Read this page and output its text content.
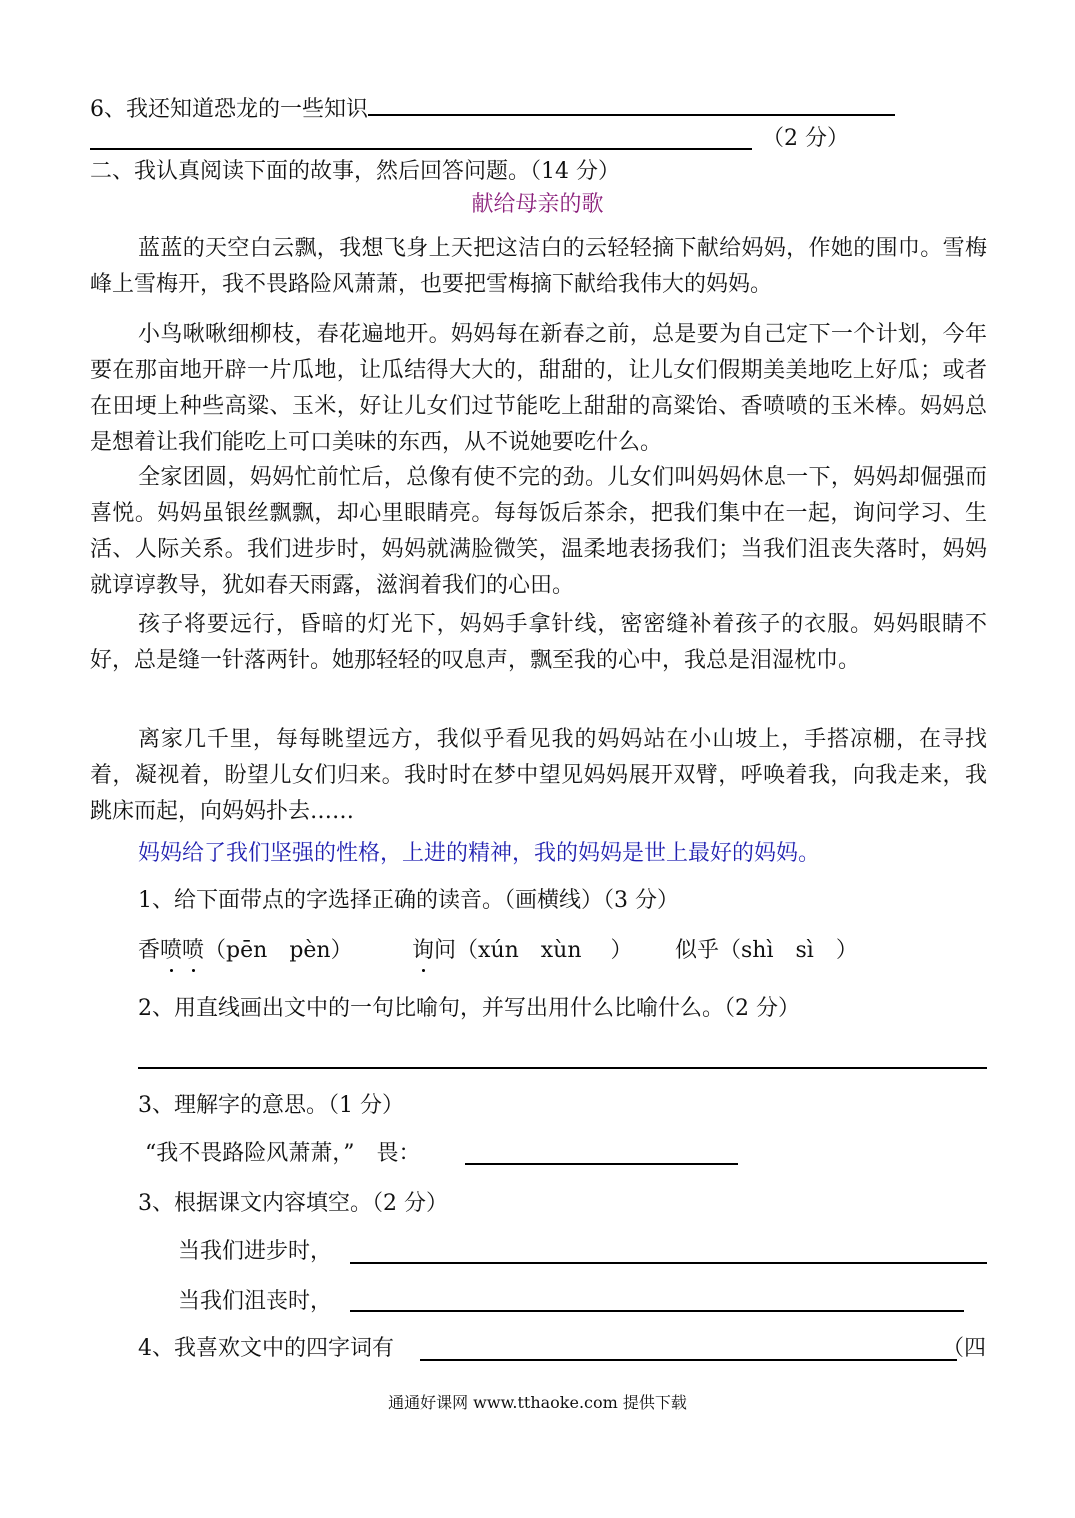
6、我还知道恐龙的一些知识
（2 分）
二、我认真阅读下面的故事，然后回答问题。（14 分）
献给母亲的歌
蓝蓝的天空白云飘，我想飞身上天把这洁白的云轻轻摘下献给妈妈，作她的围巾。雪梅峰上雪梅开，我不畏路险风萧萧，也要把雪梅摘下献给我伟大的妈妈。
小鸟啾啾细柳枝，春花遍地开。妈妈每在新春之前，总是要为自己定下一个计划，今年要在那亩地开辟一片瓜地，让瓜结得大大的，甜甜的，让儿女们假期美美地吃上好瓜；或者在田埂上种些高粱、玉米，好让儿女们过节能吃上甜甜的高粱饴、香喷喷的玉米棒。妈妈总是想着让我们能吃上可口美味的东西，从不说她要吃什么。
全家团圆，妈妈忙前忙后，总像有使不完的劲。儿女们叫妈妈休息一下，妈妈却倔强而喜悦。妈妈虽银丝飘飘，却心里眼睛亮。每每饭后茶余，把我们集中在一起，询问学习、生活、人际关系。我们进步时，妈妈就满脸微笑，温柔地表扬我们；当我们沮丧失落时，妈妈就谆谆教导，犹如春天雨露，滋润着我们的心田。
孩子将要远行，昏暗的灯光下，妈妈手拿针线，密密缝补着孩子的衣服。妈妈眼睛不好，总是缝一针落两针。她那轻轻的叹息声，飘至我的心中，我总是泪湿枕巾。
离家几千里，每每眺望远方，我似乎看见我的妈妈站在小山坡上，手搭凉棚，在寻找着，凝视着，盼望儿女们归来。我时时在梦中望见妈妈展开双臂，呼唤着我，向我走来，我跳床而起，向妈妈扑去……
妈妈给了我们坚强的性格，上进的精神，我的妈妈是世上最好的妈妈。
1、给下面带点的字选择正确的读音。（画横线）（3 分）
香喷喷（pēn　pèn）	询问（xún　xùn　 ） 似乎（shì　sì　）
2、用直线画出文中的一句比喻句，并写出用什么比喻什么。（2 分）
3、理解字的意思。（1 分）
“我不畏路险风萧萧，”　畏：
3、根据课文内容填空。（2 分）
当我们进步时，
当我们沮丧时，
4、我喜欢文中的四字词有	（四
通通好课网 www.tthaoke.com 提供下载
